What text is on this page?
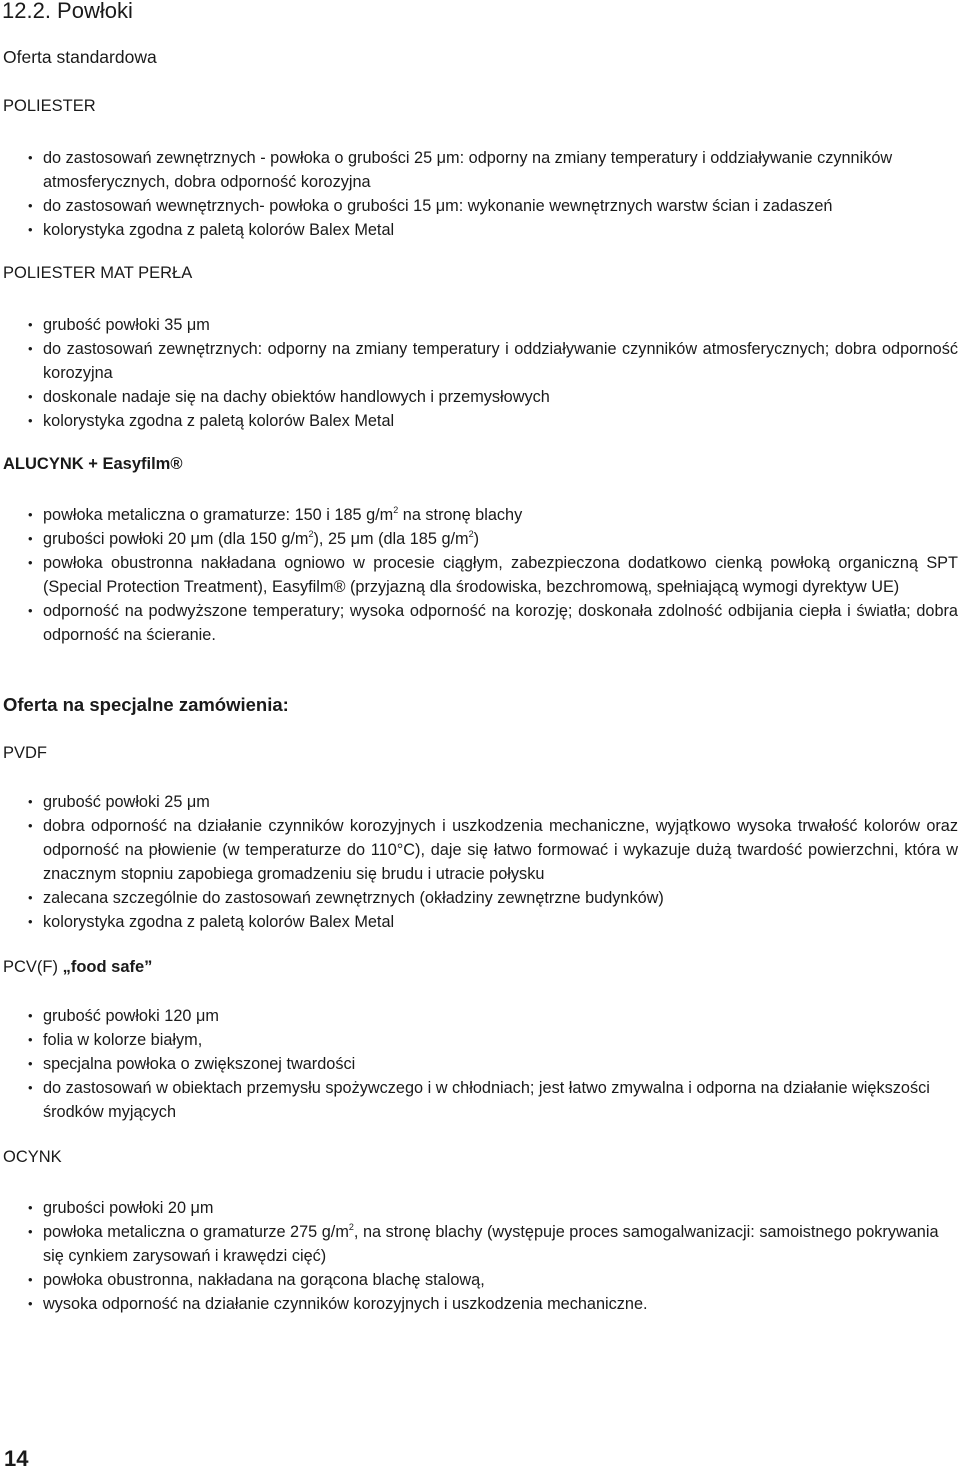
12.2. Powłoki
Oferta standardowa
POLIESTER
• do zastosowań zewnętrznych - powłoka o grubości 25 μm: odporny na zmiany temperatury i oddziaływanie czynników atmosferycznych, dobra odporność korozyjna
• do zastosowań wewnętrznych- powłoka o grubości 15 μm: wykonanie wewnętrznych warstw ścian i zadaszeń
• kolorystyka zgodna z paletą kolorów Balex Metal
POLIESTER MAT PERŁA
• grubość powłoki 35 μm
• do zastosowań zewnętrznych: odporny na zmiany temperatury i oddziaływanie czynników atmosferycznych; dobra odporność korozyjna
• doskonale nadaje się na dachy obiektów handlowych i przemysłowych
• kolorystyka zgodna z paletą kolorów Balex Metal
ALUCYNK + Easyfilm®
• powłoka metaliczna o gramaturze: 150 i 185 $g/m^2$ na stronę blachy
• grubości powłoki 20 μm (dla 150 $g/m^2$), 25 μm (dla 185 $g/m^2$)
• powłoka obustronna nakładana ogniowo w procesie ciągłym, zabezpieczona dodatkowo cienką powłoką organiczną SPT (Special Protection Treatment), Easyfilm® (przyjazną dla środowiska, bezchromową, spełniającą wymogi dyrektyw UE)
• odporność na podwyższone temperatury; wysoka odporność na korozję; doskonała zdolność odbijania ciepła i światła; dobra odporność na ścieranie.
Oferta na specjalne zamówienia:
PVDF
• grubość powłoki 25 μm
• dobra odporność na działanie czynników korozyjnych i uszkodzenia mechaniczne, wyjątkowo wysoka trwałość kolorów oraz odporność na płowienie (w temperaturze do 110°C), daje się łatwo formować i wykazuje dużą twardość powierzchni, która w znacznym stopniu zapobiega gromadzeniu się brudu i utracie połysku
• zalecana szczególnie do zastosowań zewnętrznych (okładziny zewnętrzne budynków)
• kolorystyka zgodna z paletą kolorów Balex Metal
PCV(F) „food safe”
• grubość powłoki 120 μm
• folia w kolorze białym,
• specjalna powłoka o zwiększonej twardości
• do zastosowań w obiektach przemysłu spożywczego i w chłodniach; jest łatwo zmywalna i odporna na działanie większości środków myjących
OCYNK
• grubości powłoki 20 μm
• powłoka metaliczna o gramaturze 275 $g/m^2$, na stronę blachy (występuje proces samogalwanizacji: samoistnego pokrywania się cynkiem zarysowań i krawędzi cięć)
• powłoka obustronna, nakładana na gorącona blachę stalową,
• wysoka odporność na działanie czynników korozyjnych i uszkodzenia mechaniczne.
14
